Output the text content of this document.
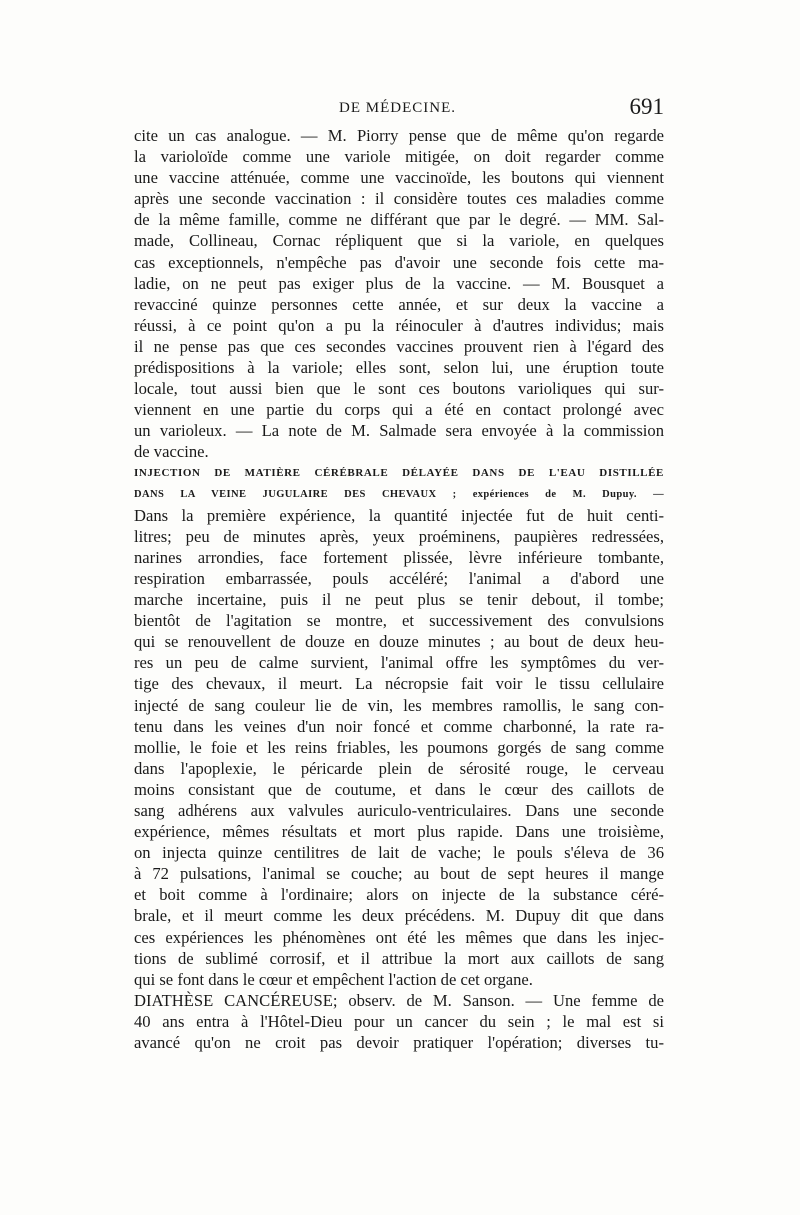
DE MÉDECINE.	691
cite un cas analogue. — M. Piorry pense que de même qu'on regarde
la varioloïde comme une variole mitigée, on doit regarder comme
une vaccine atténuée, comme une vaccinoïde, les boutons qui viennent
après une seconde vaccination : il considère toutes ces maladies comme
de la même famille, comme ne différant que par le degré. — MM. Sal-
made, Collineau, Cornac répliquent que si la variole, en quelques
cas exceptionnels, n'empêche pas d'avoir une seconde fois cette ma-
ladie, on ne peut pas exiger plus de la vaccine. — M. Bousquet a
revacciné quinze personnes cette année, et sur deux la vaccine a
réussi, à ce point qu'on a pu la réinoculer à d'autres individus; mais
il ne pense pas que ces secondes vaccines prouvent rien à l'égard des
prédispositions à la variole; elles sont, selon lui, une éruption toute
locale, tout aussi bien que le sont ces boutons varioliques qui sur-
viennent en une partie du corps qui a été en contact prolongé avec
un varioleux. — La note de M. Salmade sera envoyée à la commission
de vaccine.
INJECTION DE MATIÈRE CÉRÉBRALE DÉLAYÉE DANS DE L'EAU DISTILLÉE
DANS LA VEINE JUGULAIRE DES CHEVAUX ; expériences de M. Dupuy. —
Dans la première expérience, la quantité injectée fut de huit centi-
litres; peu de minutes après, yeux proéminens, paupières redressées,
narines arrondies, face fortement plissée, lèvre inférieure tombante,
respiration embarrassée, pouls accéléré; l'animal a d'abord une
marche incertaine, puis il ne peut plus se tenir debout, il tombe;
bientôt de l'agitation se montre, et successivement des convulsions
qui se renouvellent de douze en douze minutes ; au bout de deux heu-
res un peu de calme survient, l'animal offre les symptômes du ver-
tige des chevaux, il meurt. La nécropsie fait voir le tissu cellulaire
injecté de sang couleur lie de vin, les membres ramollis, le sang con-
tenu dans les veines d'un noir foncé et comme charbonné, la rate ra-
mollie, le foie et les reins friables, les poumons gorgés de sang comme
dans l'apoplexie, le péricarde plein de sérosité rouge, le cerveau
moins consistant que de coutume, et dans le cœur des caillots de
sang adhérens aux valvules auriculo-ventriculaires. Dans une seconde
expérience, mêmes résultats et mort plus rapide. Dans une troisième,
on injecta quinze centilitres de lait de vache; le pouls s'éleva de 36
à 72 pulsations, l'animal se couche; au bout de sept heures il mange
et boit comme à l'ordinaire; alors on injecte de la substance céré-
brale, et il meurt comme les deux précédens. M. Dupuy dit que dans
ces expériences les phénomènes ont été les mêmes que dans les injec-
tions de sublimé corrosif, et il attribue la mort aux caillots de sang
qui se font dans le cœur et empêchent l'action de cet organe.
DIATHÈSE CANCÉREUSE; observ. de M. Sanson. — Une femme de
40 ans entra à l'Hôtel-Dieu pour un cancer du sein ; le mal est si
avancé qu'on ne croit pas devoir pratiquer l'opération; diverses tu-
